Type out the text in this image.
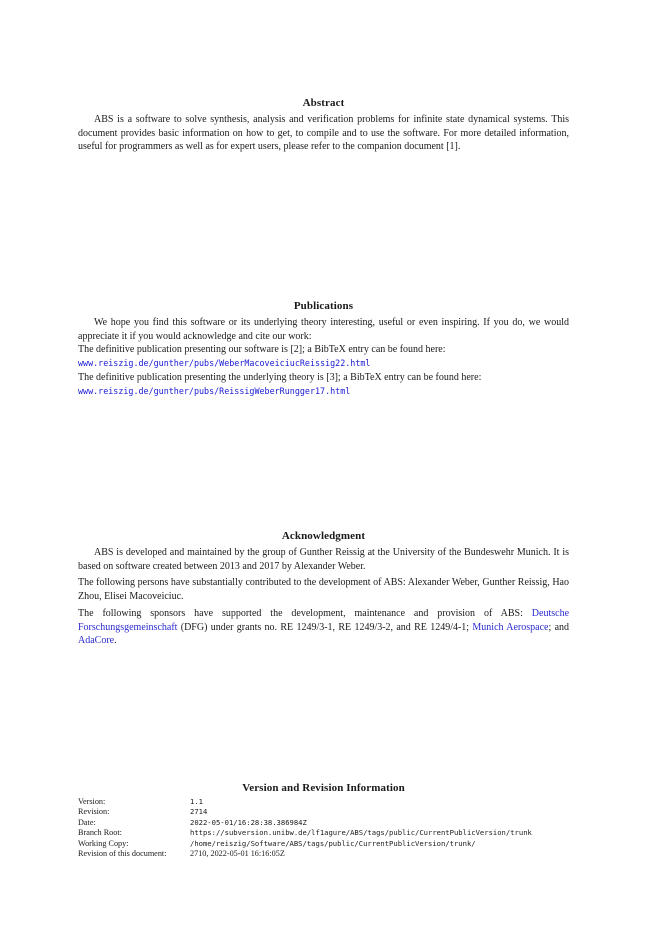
Abstract

ABS is a software to solve synthesis, analysis and verification problems for infinite state dynamical systems. This document provides basic information on how to get, to compile and to use the software. For more detailed information, useful for programmers as well as for expert users, please refer to the companion document [1].

Publications

We hope you find this software or its underlying theory interesting, useful or even inspiring. If you do, we would appreciate it if you would acknowledge and cite our work:

The definitive publication presenting our software is [2]; a BibTeX entry can be found here:

www.reiszig.de/gunther/pubs/WeberMacoveiciucReissig22.html

The definitive publication presenting the underlying theory is [3]; a BibTeX entry can be found here:

www.reiszig.de/gunther/pubs/ReissigWeberRungger17.html
Acknowledgment

ABS is developed and maintained by the group of Gunther Reissig at the University of the Bundeswehr Munich. It is based on software created between 2013 and 2017 by Alexander Weber.

The following persons have substantially contributed to the development of ABS: Alexander Weber, Gunther Reissig, Hao Zhou, Elisei Macoveiciuc.

The following sponsors have supported the development, maintenance and provision of ABS: Deutsche Forschungsgemeinschaft (DFG) under grants no. RE 1249/3-1, RE 1249/3-2, and RE 1249/4-1; Munich Aerospace; and AdaCore.

Version and Revision Information
Version:	1.1
Revision:	2714
Date:	2022-05-01/16:28:38.386984Z
Branch Root:	https://subversion.unibw.de/lf1agure/ABS/tags/public/CurrentPublicVersion/trunk
Working Copy:	/home/reiszig/Software/ABS/tags/public/CurrentPublicVersion/trunk/
Revision of this document:	2710, 2022-05-01 16:16:05Z
